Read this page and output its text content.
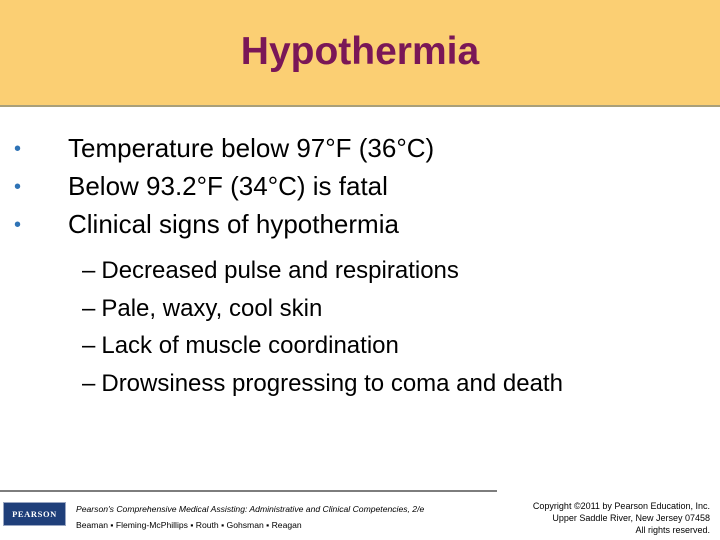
Hypothermia
• Temperature below 97°F (36°C)
• Below 93.2°F (34°C) is fatal
• Clinical signs of hypothermia
– Decreased pulse and respirations
– Pale, waxy, cool skin
– Lack of muscle coordination
– Drowsiness progressing to coma and death
PEARSON Pearson's Comprehensive Medical Assisting: Administrative and Clinical Competencies, 2/e
Beaman ▪ Fleming-McPhillips ▪ Routh ▪ Gohsman ▪ Reagan
Copyright ©2011 by Pearson Education, Inc.
Upper Saddle River, New Jersey 07458
All rights reserved.
